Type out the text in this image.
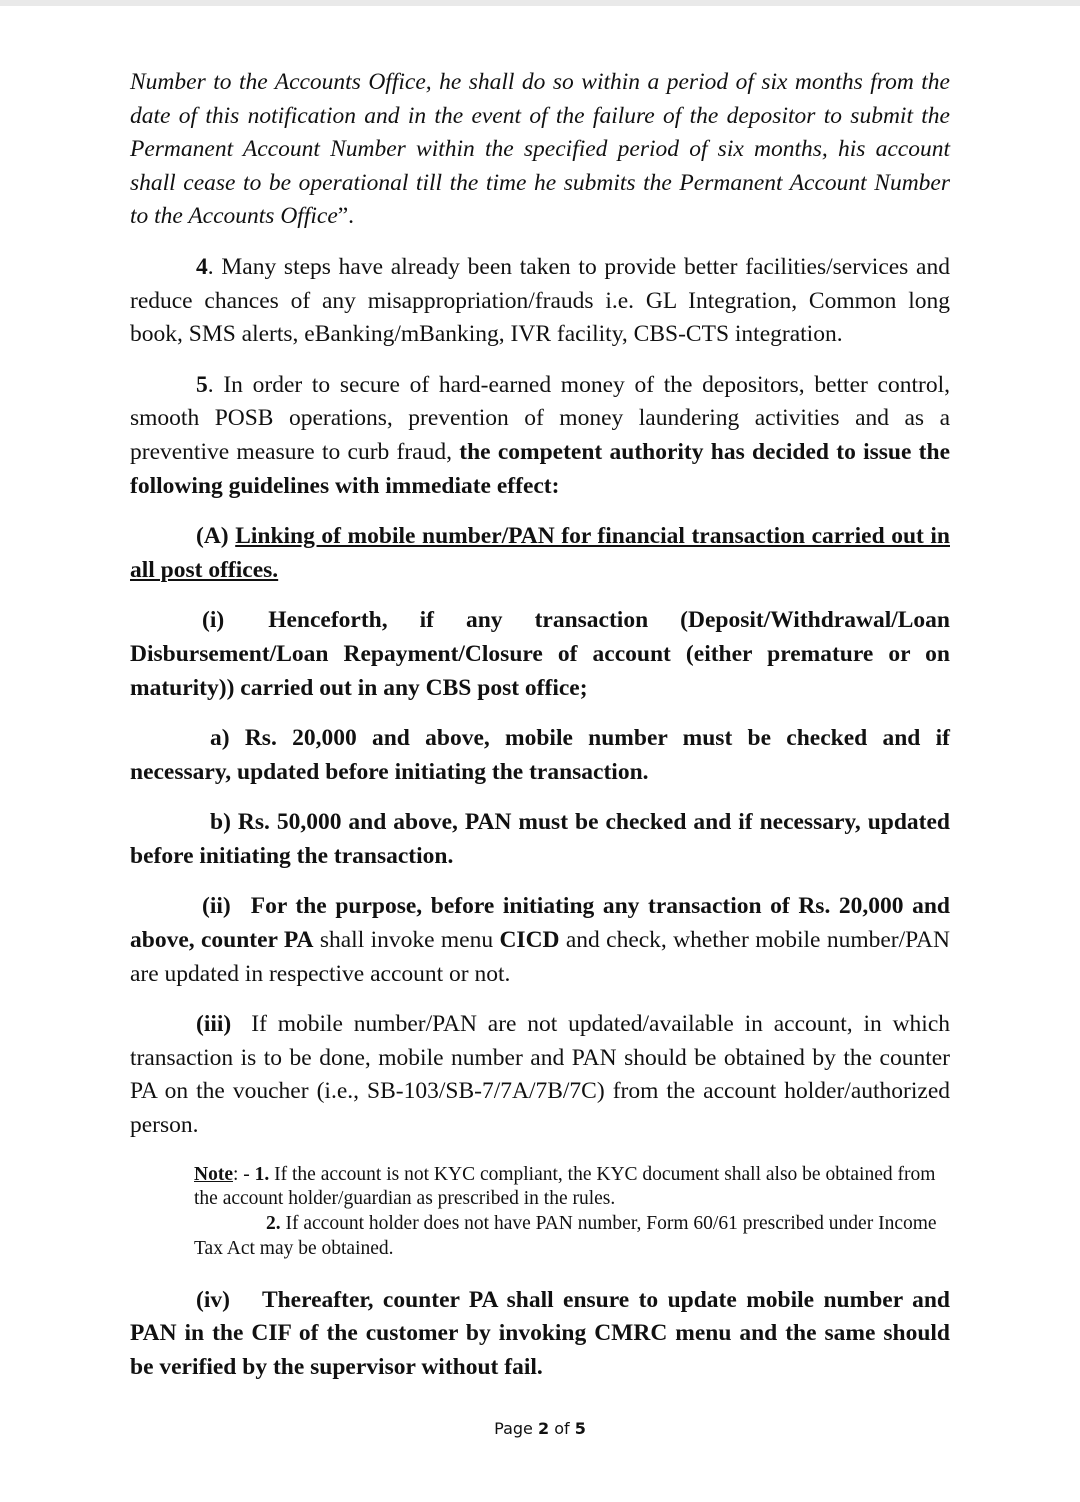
Number to the Accounts Office, he shall do so within a period of six months from the date of this notification and in the event of the failure of the depositor to submit the Permanent Account Number within the specified period of six months, his account shall cease to be operational till the time he submits the Permanent Account Number to the Accounts Office”.

4. Many steps have already been taken to provide better facilities/services and reduce chances of any misappropriation/frauds i.e. GL Integration, Common long book, SMS alerts, eBanking/mBanking, IVR facility, CBS-CTS integration.

5. In order to secure of hard-earned money of the depositors, better control, smooth POSB operations, prevention of money laundering activities and as a preventive measure to curb fraud, the competent authority has decided to issue the following guidelines with immediate effect:

(A) Linking of mobile number/PAN for financial transaction carried out in all post offices.

(i) Henceforth, if any transaction (Deposit/Withdrawal/Loan Disbursement/Loan Repayment/Closure of account (either premature or on maturity)) carried out in any CBS post office;

a) Rs. 20,000 and above, mobile number must be checked and if necessary, updated before initiating the transaction.

b) Rs. 50,000 and above, PAN must be checked and if necessary, updated before initiating the transaction.

(ii) For the purpose, before initiating any transaction of Rs. 20,000 and above, counter PA shall invoke menu CICD and check, whether mobile number/PAN are updated in respective account or not.

(iii) If mobile number/PAN are not updated/available in account, in which transaction is to be done, mobile number and PAN should be obtained by the counter PA on the voucher (i.e., SB-103/SB-7/7A/7B/7C) from the account holder/authorized person.

Note: - 1. If the account is not KYC compliant, the KYC document shall also be obtained from the account holder/guardian as prescribed in the rules.
2. If account holder does not have PAN number, Form 60/61 prescribed under Income Tax Act may be obtained.

(iv) Thereafter, counter PA shall ensure to update mobile number and PAN in the CIF of the customer by invoking CMRC menu and the same should be verified by the supervisor without fail.

Page 2 of 5
